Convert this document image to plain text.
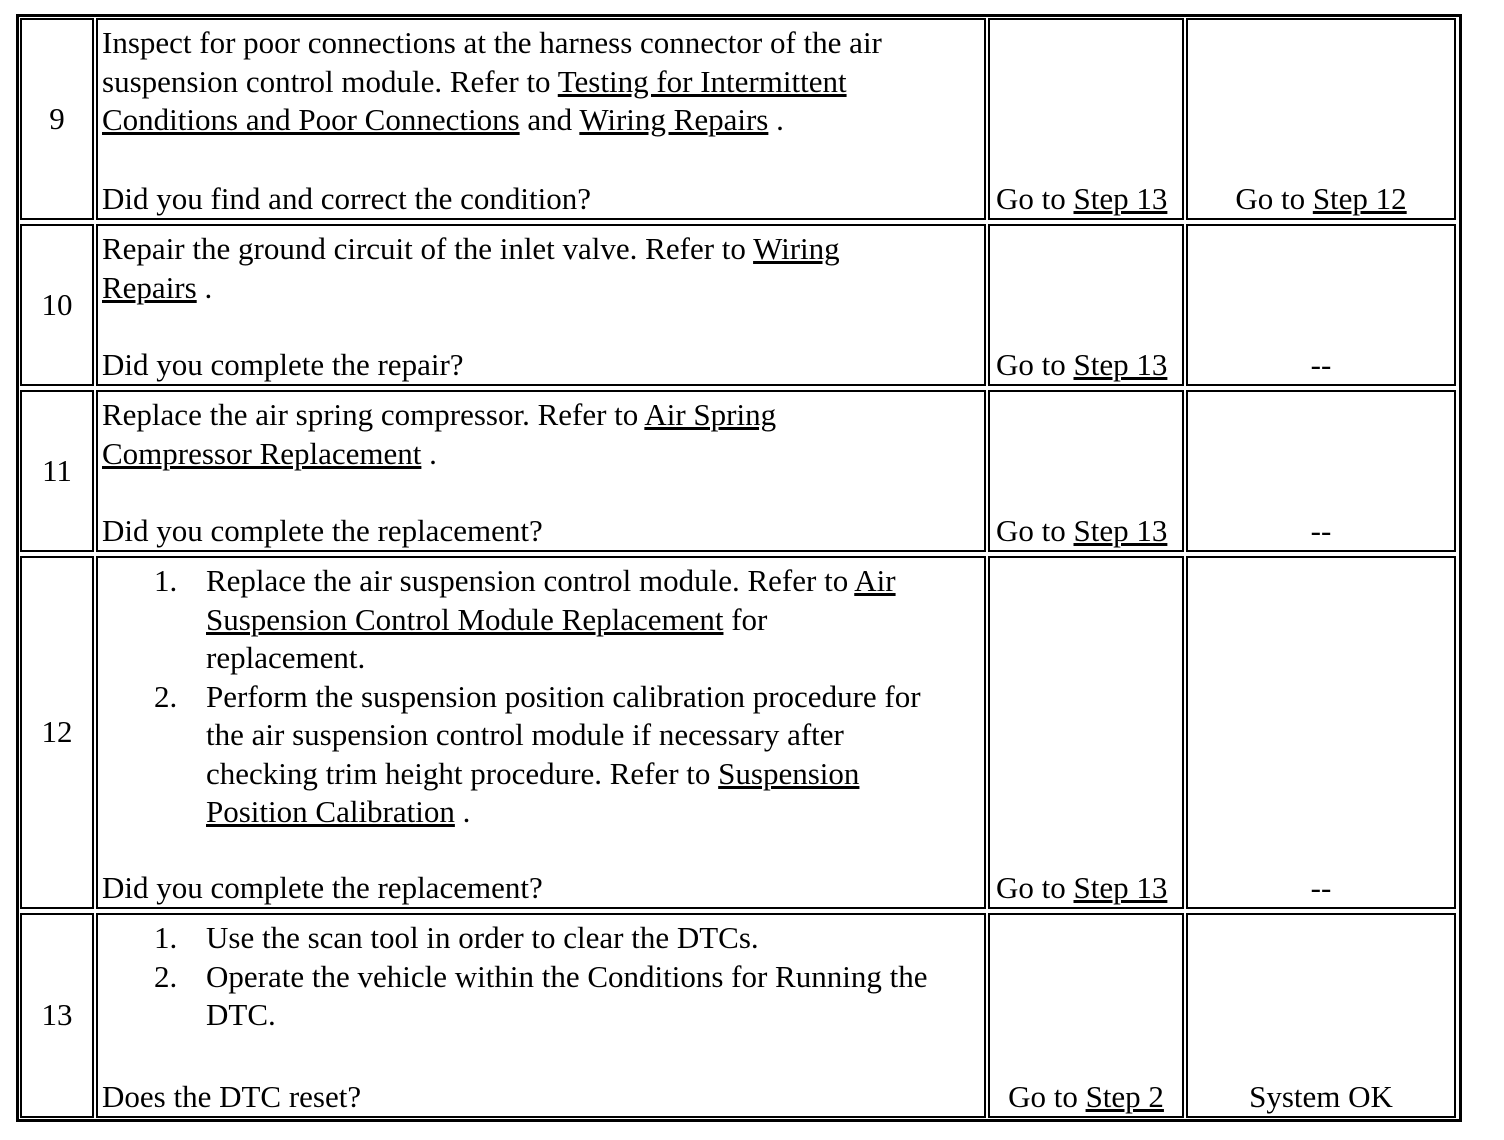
9

Inspect for poor connections at the harness connector of the air

suspension control module. Refer to Testing for Intermittent

Conditions and Poor Connections and Wiring Repairs .

Did you find and correct the condition?	Go to Step 13	Go to Step 12
10

Repair the ground circuit of the inlet valve. Refer to Wiring

Repairs .

Did you complete the repair?	Go to Step 13	--
11

Replace the air spring compressor. Refer to Air Spring

Compressor Replacement .

Did you complete the replacement?	Go to Step 13	--
12
1. Replace the air suspension control module. Refer to Air
Suspension Control Module Replacement for
replacement.
2. Perform the suspension position calibration procedure for
the air suspension control module if necessary after
checking trim height procedure. Refer to Suspension
Position Calibration .
Did you complete the replacement?	Go to Step 13	--
13
1. Use the scan tool in order to clear the DTCs.
2. Operate the vehicle within the Conditions for Running the
DTC.
Does the DTC reset?	Go to Step 2	System OK
